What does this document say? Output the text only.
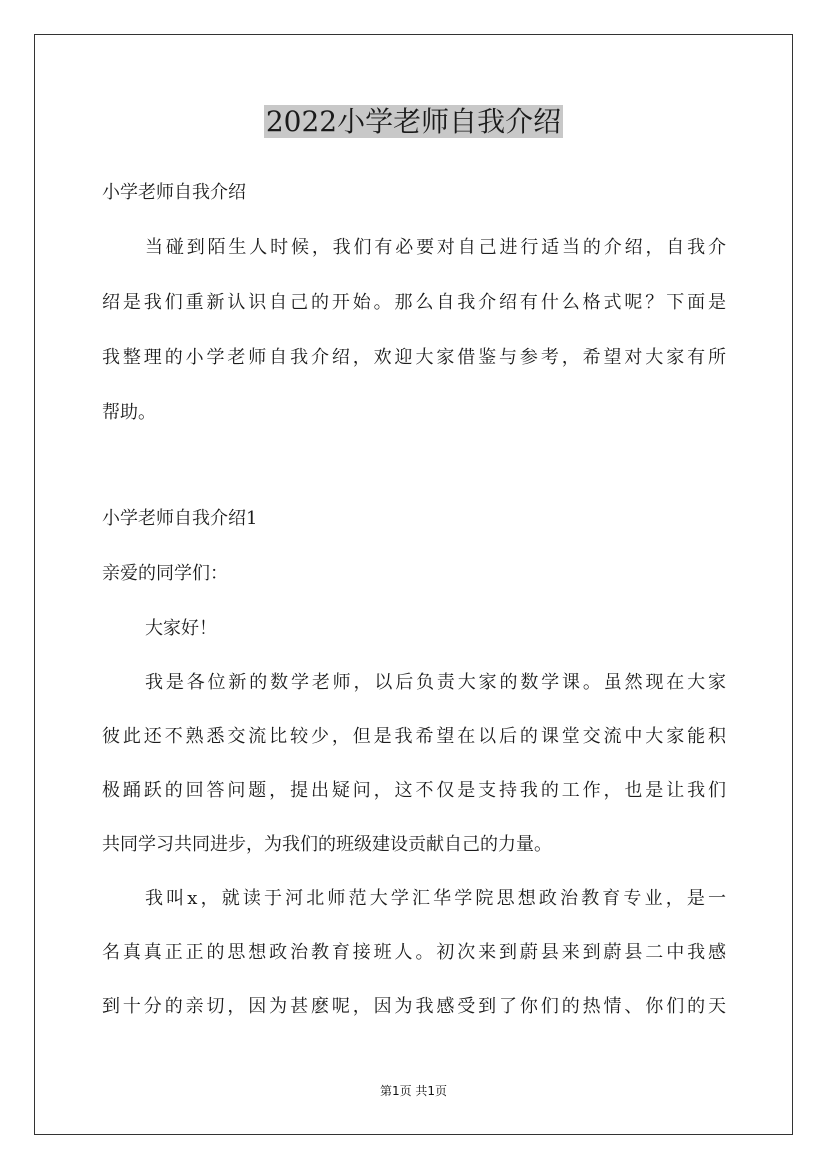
2022小学老师自我介绍

小学老师自我介绍

当碰到陌生人时候，我们有必要对自己进行适当的介绍，自我介

绍是我们重新认识自己的开始。那么自我介绍有什么格式呢？下面是

我整理的小学老师自我介绍，欢迎大家借鉴与参考，希望对大家有所

帮助。

小学老师自我介绍1

亲爱的同学们：

大家好！

我是各位新的数学老师，以后负责大家的数学课。虽然现在大家

彼此还不熟悉交流比较少，但是我希望在以后的课堂交流中大家能积

极踊跃的回答问题，提出疑问，这不仅是支持我的工作，也是让我们

共同学习共同进步，为我们的班级建设贡献自己的力量。

我叫x，就读于河北师范大学汇华学院思想政治教育专业，是一

名真真正正的思想政治教育接班人。初次来到蔚县来到蔚县二中我感

到十分的亲切，因为甚麽呢，因为我感受到了你们的热情、你们的天

第1页 共1页
